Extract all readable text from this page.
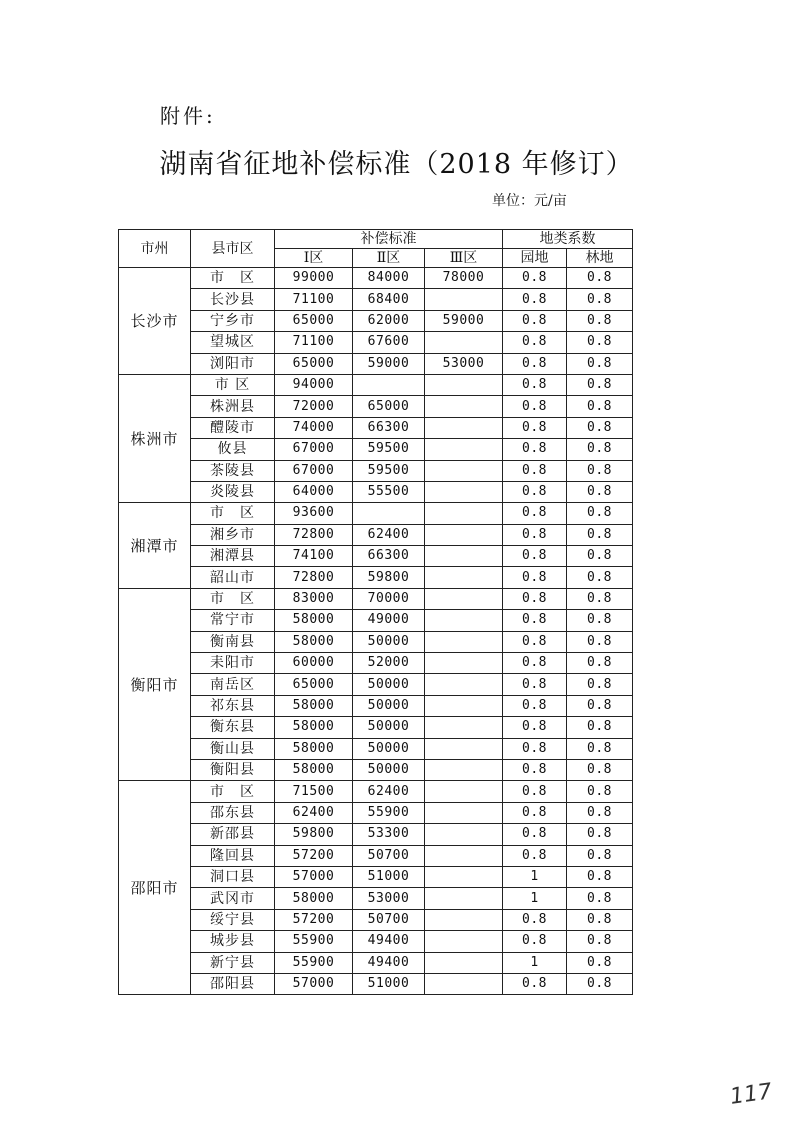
附件:
湖南省征地补偿标准（2018 年修订）
单位：元/亩
市州	县市区	补偿标准			地类系数	
		Ⅰ区	Ⅱ区	Ⅲ区	园地	林地
长沙市	市　区	99000	84000	78000	0.8	0.8
	长沙县	71100	68400		0.8	0.8
	宁乡市	65000	62000	59000	0.8	0.8
	望城区	71100	67600		0.8	0.8
	浏阳市	65000	59000	53000	0.8	0.8
株洲市	市 区	94000			0.8	0.8
	株洲县	72000	65000		0.8	0.8
	醴陵市	74000	66300		0.8	0.8
	攸县	67000	59500		0.8	0.8
	茶陵县	67000	59500		0.8	0.8
	炎陵县	64000	55500		0.8	0.8
湘潭市	市　区	93600			0.8	0.8
	湘乡市	72800	62400		0.8	0.8
	湘潭县	74100	66300		0.8	0.8
	韶山市	72800	59800		0.8	0.8
衡阳市	市　区	83000	70000		0.8	0.8
	常宁市	58000	49000		0.8	0.8
	衡南县	58000	50000		0.8	0.8
	耒阳市	60000	52000		0.8	0.8
	南岳区	65000	50000		0.8	0.8
	祁东县	58000	50000		0.8	0.8
	衡东县	58000	50000		0.8	0.8
	衡山县	58000	50000		0.8	0.8
	衡阳县	58000	50000		0.8	0.8
邵阳市	市　区	71500	62400		0.8	0.8
	邵东县	62400	55900		0.8	0.8
	新邵县	59800	53300		0.8	0.8
	隆回县	57200	50700		0.8	0.8
	洞口县	57000	51000		1	0.8
	武冈市	58000	53000		1	0.8
	绥宁县	57200	50700		0.8	0.8
	城步县	55900	49400		0.8	0.8
	新宁县	55900	49400		1	0.8
	邵阳县	57000	51000		0.8	0.8
117
